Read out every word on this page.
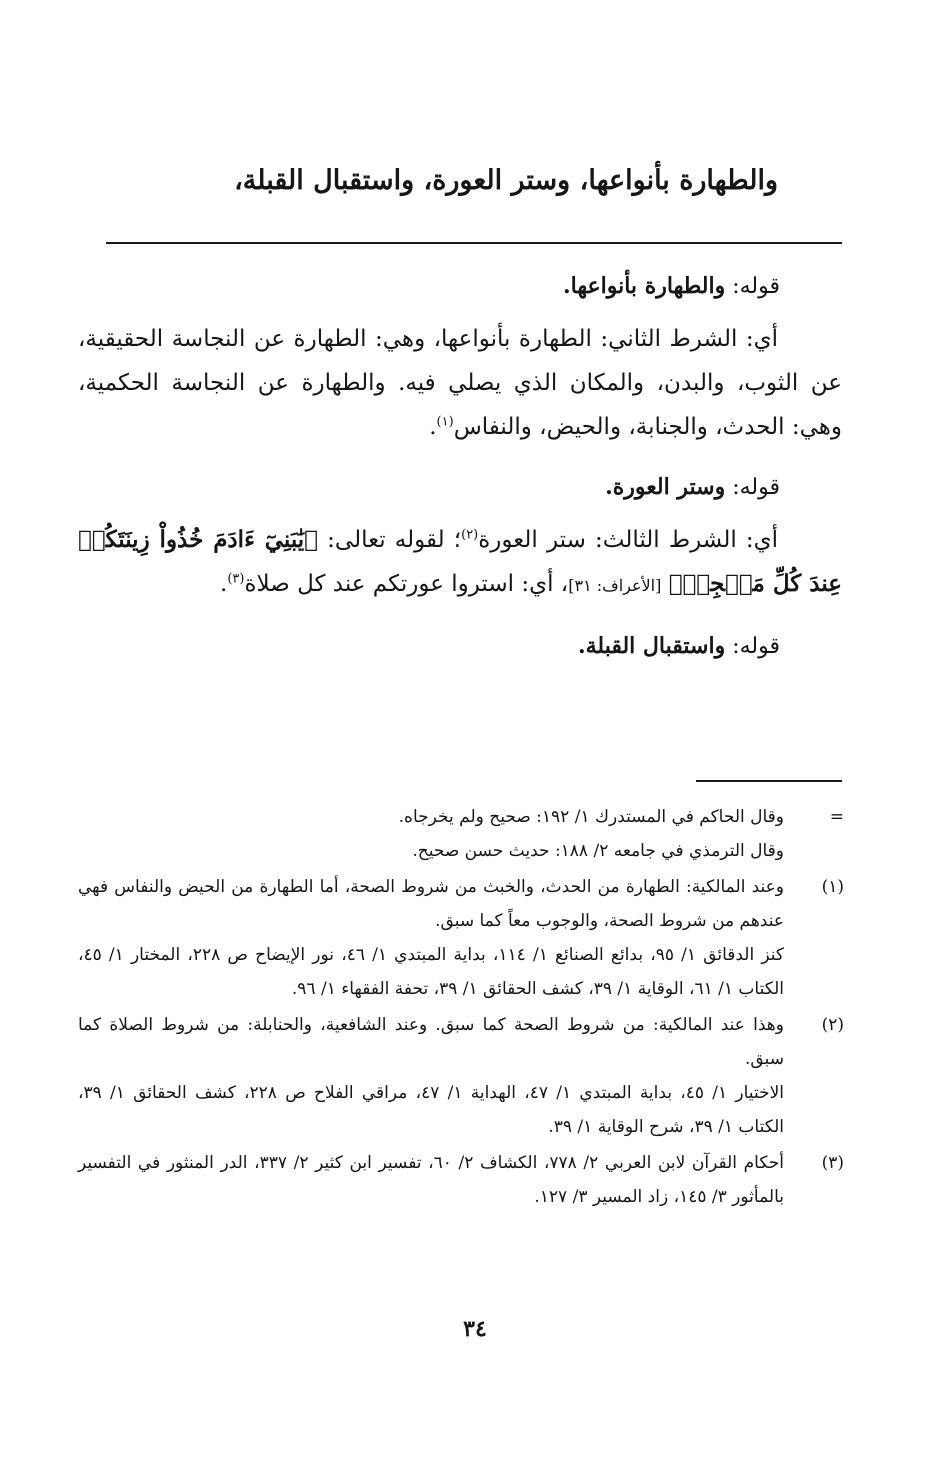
والطهارة بأنواعها، وستر العورة، واستقبال القبلة،

قوله: والطهارة بأنواعها.

أي: الشرط الثاني: الطهارة بأنواعها، وهي: الطهارة عن النجاسة الحقيقية، عن الثوب، والبدن، والمكان الذي يصلي فيه. والطهارة عن النجاسة الحكمية، وهي: الحدث، والجنابة، والحيض، والنفاس$^{(١)}$.

قوله: وستر العورة.

أي: الشرط الثالث: ستر العورة$^{(٢)}$؛ لقوله تعالى: ﴿يَٰبَنِيٓ ءَادَمَ خُذُواْ زِينَتَكُمۡ عِندَ كُلِّ مَسۡجِدٖ﴾ [الأعراف: ٣١]، أي: استروا عورتكم عند كل صلاة$^{(٣)}$.

قوله: واستقبال القبلة.

=
وقال الحاكم في المستدرك ١/ ١٩٢: صحيح ولم يخرجاه.
وقال الترمذي في جامعه ٢/ ١٨٨: حديث حسن صحيح.
(١)
وعند المالكية: الطهارة من الحدث، والخبث من شروط الصحة، أما الطهارة من الحيض والنفاس فهي عندهم من شروط الصحة، والوجوب معاً كما سبق.
كنز الدقائق ١/ ٩٥، بدائع الصنائع ١/ ١١٤، بداية المبتدي ١/ ٤٦، نور الإيضاح ص ٢٢٨، المختار ١/ ٤٥، الكتاب ١/ ٦١، الوقاية ١/ ٣٩، كشف الحقائق ١/ ٣٩، تحفة الفقهاء ١/ ٩٦.
(٢)
وهذا عند المالكية: من شروط الصحة كما سبق. وعند الشافعية، والحنابلة: من شروط الصلاة كما سبق.
الاختيار ١/ ٤٥، بداية المبتدي ١/ ٤٧، الهداية ١/ ٤٧، مراقي الفلاح ص ٢٢٨، كشف الحقائق ١/ ٣٩، الكتاب ١/ ٣٩، شرح الوقاية ١/ ٣٩.
(٣)
أحكام القرآن لابن العربي ٢/ ٧٧٨، الكشاف ٢/ ٦٠، تفسير ابن كثير ٢/ ٣٣٧، الدر المنثور في التفسير بالمأثور ٣/ ١٤٥، زاد المسير ٣/ ١٢٧.
٣٤
